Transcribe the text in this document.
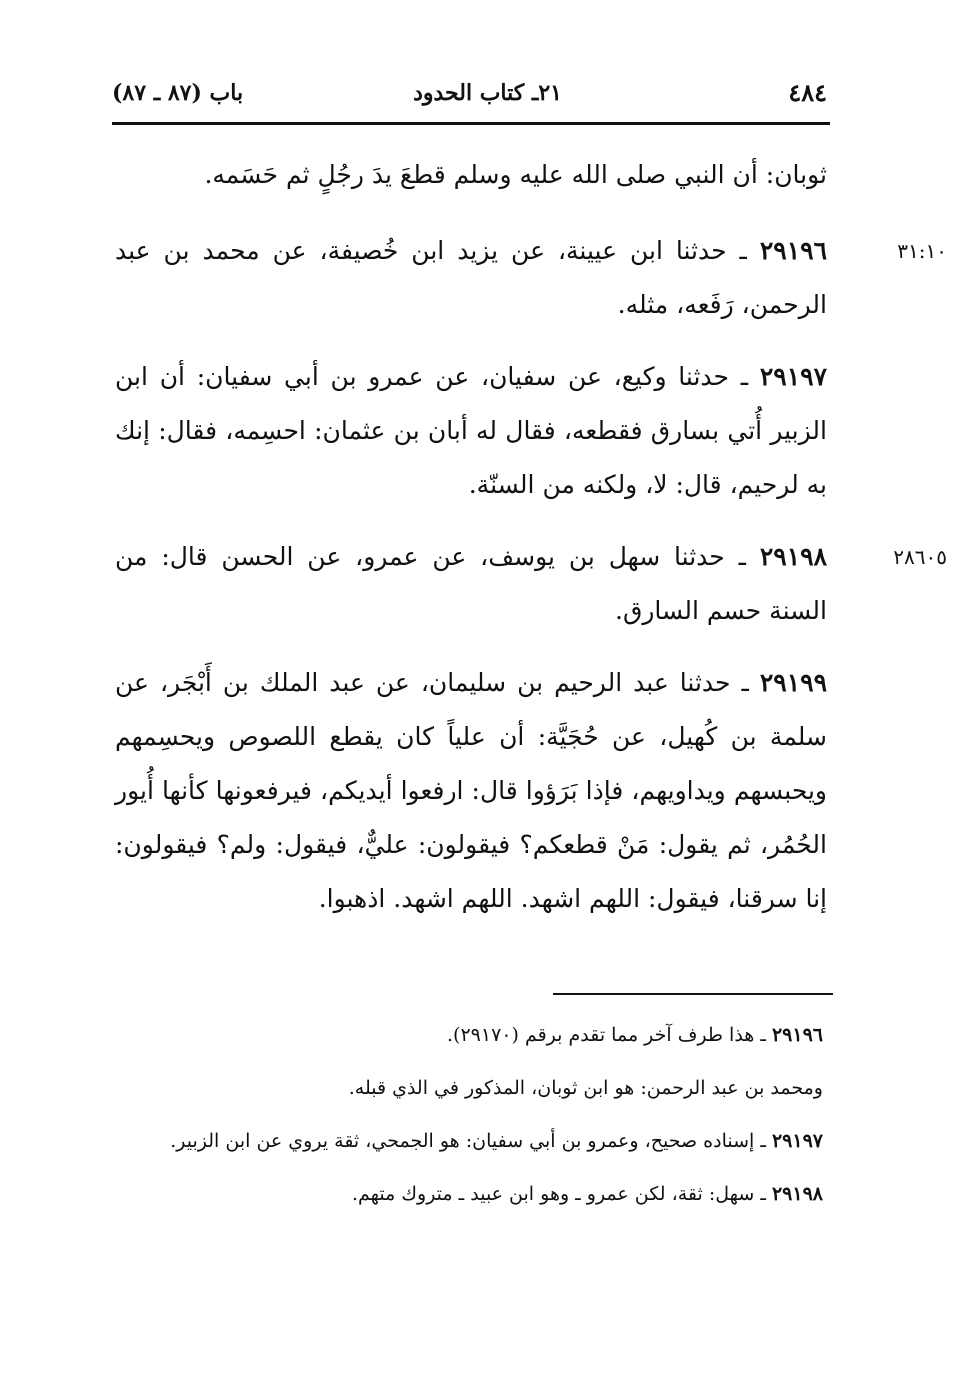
٤٨٤
٢١ـ كتاب الحدود
باب (٨٧ ـ ٨٧)

ثوبان: أن النبي صلى الله عليه وسلم قطعَ يدَ رجُلٍ ثم حَسَمه.

٣١:١٠
٢٩١٩٦ ـ حدثنا ابن عيينة، عن يزيد ابن خُصيفة، عن محمد بن عبد الرحمن، رَفَعه، مثله.

٢٩١٩٧ ـ حدثنا وكيع، عن سفيان، عن عمرو بن أبي سفيان: أن ابن الزبير أُتي بسارق فقطعه، فقال له أبان بن عثمان: احسِمه، فقال: إنك به لرحيم، قال: لا، ولكنه من السنّة.

٢٨٦٠٥
٢٩١٩٨ ـ حدثنا سهل بن يوسف، عن عمرو، عن الحسن قال: من السنة حسم السارق.

٢٩١٩٩ ـ حدثنا عبد الرحيم بن سليمان، عن عبد الملك بن أَبْجَر، عن سلمة بن كُهيل، عن حُجَيَّة: أن علياً كان يقطع اللصوص ويحسِمهم ويحبسهم ويداويهم، فإذا بَرَؤوا قال: ارفعوا أيديكم، فيرفعونها كأنها أُيور الحُمُر، ثم يقول: مَنْ قطعكم؟ فيقولون: عليٌّ، فيقول: ولم؟ فيقولون: إنا سرقنا، فيقول: اللهم اشهد. اللهم اشهد. اذهبوا.

٢٩١٩٦ ـ هذا طرف آخر مما تقدم برقم (٢٩١٧٠).

ومحمد بن عبد الرحمن: هو ابن ثوبان، المذكور في الذي قبله.

٢٩١٩٧ ـ إسناده صحيح، وعمرو بن أبي سفيان: هو الجمحي، ثقة يروي عن ابن الزبير.

٢٩١٩٨ ـ سهل: ثقة، لكن عمرو ـ وهو ابن عبيد ـ متروك متهم.
